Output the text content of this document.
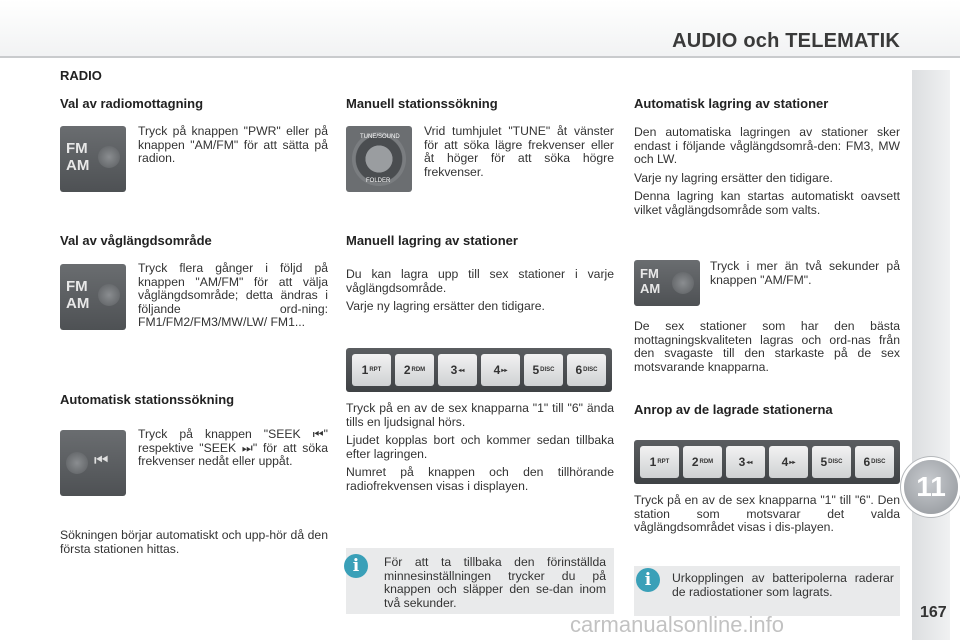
AUDIO och TELEMATIK
11
167
RADIO
Val av radiomottagning
FM
AM
Tryck på knappen "PWR" eller på knappen "AM/FM" för att sätta på radion.
Val av våglängdsområde
FM
AM
Tryck flera gånger i följd på knappen "AM/FM" för att välja våglängdsområde; detta ändras i följande ord-ning: FM1/FM2/FM3/MW/LW/ FM1...
Automatisk stationssökning
⏮
Tryck på knappen "SEEK ⏮" respektive "SEEK ⏭" för att söka frekvenser nedåt eller uppåt.
Sökningen börjar automatiskt och upp-hör då den första stationen hittas.
Manuell stationssökning
TUNE/SOUND
FOLDER
Vrid tumhjulet "TUNE" åt vänster för att söka lägre frekvenser eller åt höger för att söka högre frekvenser.
Manuell lagring av stationer

Du kan lagra upp till sex stationer i varje våglängdsområde.

Varje ny lagring ersätter den tidigare.

1 RPT 2 RDM 3 ◂◂ 4 ▸▸ 5 DISC 6 DISC

Tryck på en av de sex knapparna "1" till "6" ända tills en ljudsignal hörs.

Ljudet kopplas bort och kommer sedan tillbaka efter lagringen.

Numret på knappen och den tillhörande radiofrekvensen visas i displayen.

i	För att ta tillbaka den förinställda minnesinställningen trycker du på knappen och släpper den se-dan inom två sekunder.
Automatisk lagring av stationer

Den automatiska lagringen av stationer sker endast i följande våglängdsområ-den: FM3, MW och LW.

Varje ny lagring ersätter den tidigare.

Denna lagring kan startas automatiskt oavsett vilket våglängdsområde som valts.

FM
AM
Tryck i mer än två sekunder på knappen "AM/FM".
De sex stationer som har den bästa mottagningskvaliteten lagras och ord-nas från den svagaste till den starkaste på de sex motsvarande knapparna.
Anrop av de lagrade stationerna
1 RPT 2 RDM 3 ◂◂ 4 ▸▸ 5 DISC 6 DISC
Tryck på en av de sex knapparna "1" till "6". Den station som motsvarar det valda våglängdsområdet visas i dis-playen.
i	Urkopplingen av batteripolerna raderar de radiostationer som lagrats.
carmanualsonline.info
